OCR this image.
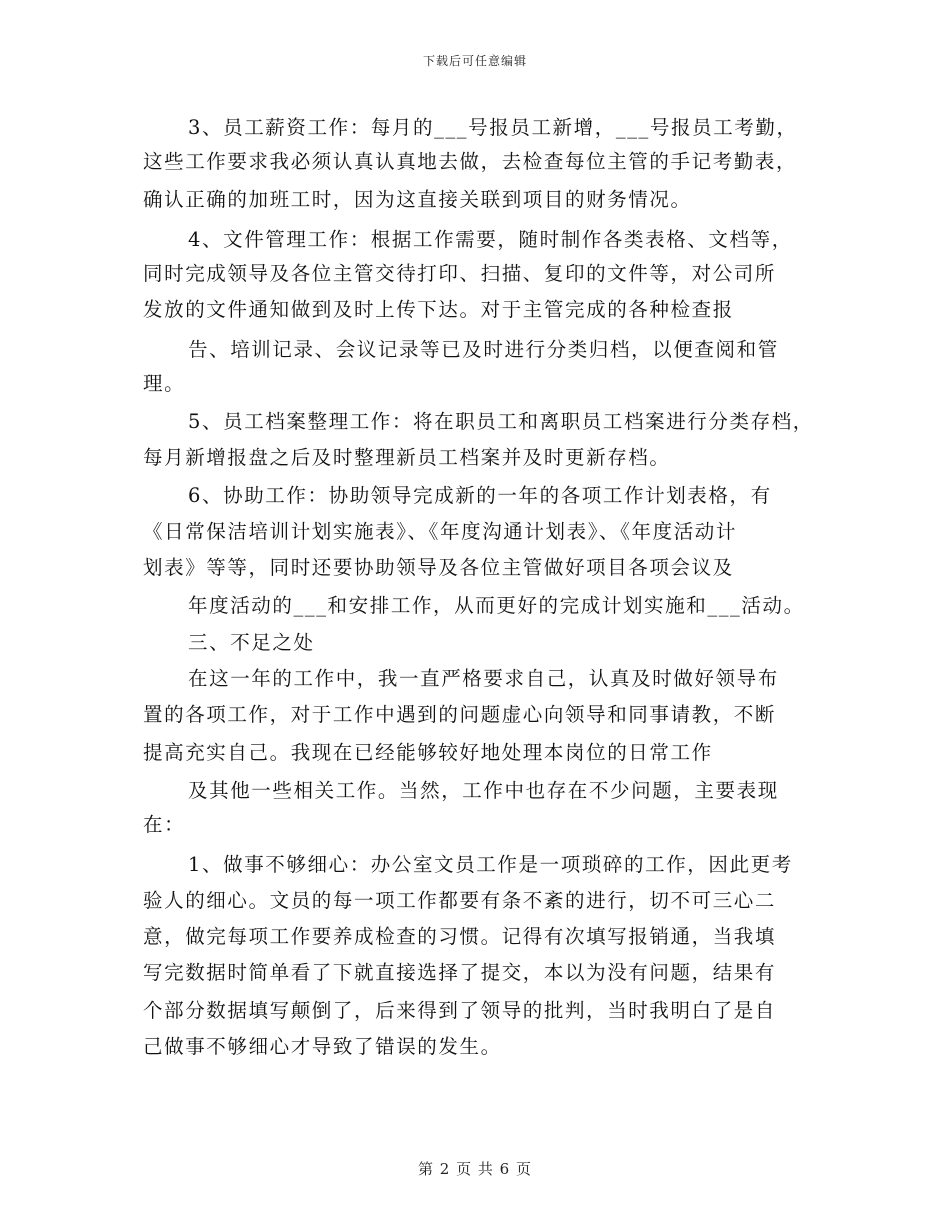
下载后可任意编辑
3、员工薪资工作：每月的___号报员工新增，___号报员工考勤，
这些工作要求我必须认真认真地去做，去检查每位主管的手记考勤表，
确认正确的加班工时，因为这直接关联到项目的财务情况。
4、文件管理工作：根据工作需要，随时制作各类表格、文档等，
同时完成领导及各位主管交待打印、扫描、复印的文件等，对公司所
发放的文件通知做到及时上传下达。对于主管完成的各种检查报
告、培训记录、会议记录等已及时进行分类归档，以便查阅和管
理。
5、员工档案整理工作：将在职员工和离职员工档案进行分类存档，
每月新增报盘之后及时整理新员工档案并及时更新存档。
6、协助工作：协助领导完成新的一年的各项工作计划表格，有
《日常保洁培训计划实施表》、《年度沟通计划表》、《年度活动计
划表》等等，同时还要协助领导及各位主管做好项目各项会议及
年度活动的___和安排工作，从而更好的完成计划实施和___活动。
三、不足之处
在这一年的工作中，我一直严格要求自己，认真及时做好领导布
置的各项工作，对于工作中遇到的问题虚心向领导和同事请教，不断
提高充实自己。我现在已经能够较好地处理本岗位的日常工作
及其他一些相关工作。当然，工作中也存在不少问题，主要表现
在：
1、做事不够细心：办公室文员工作是一项琐碎的工作，因此更考
验人的细心。文员的每一项工作都要有条不紊的进行，切不可三心二
意，做完每项工作要养成检查的习惯。记得有次填写报销通，当我填
写完数据时简单看了下就直接选择了提交，本以为没有问题，结果有
个部分数据填写颠倒了，后来得到了领导的批判，当时我明白了是自
己做事不够细心才导致了错误的发生。
第 2 页 共 6 页
